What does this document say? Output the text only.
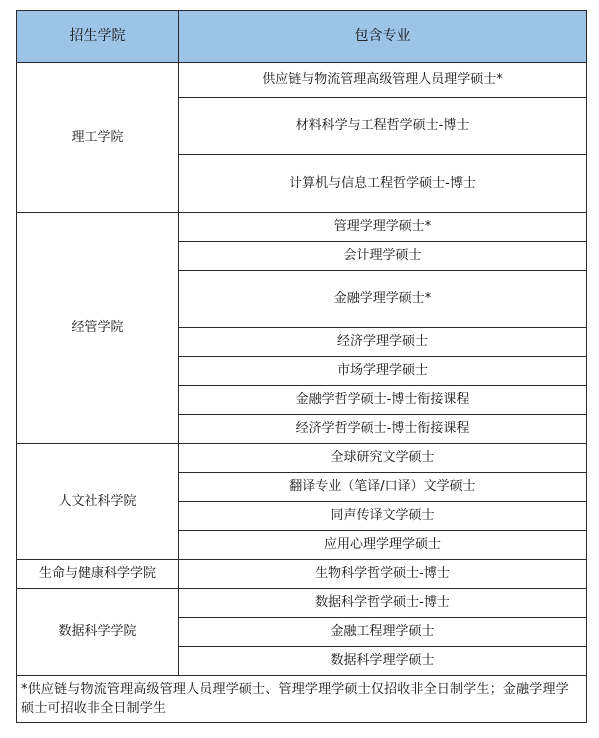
招生学院	包含专业
理工学院	供应链与物流管理高级管理人员理学硕士*
	材料科学与工程哲学硕士-博士
	计算机与信息工程哲学硕士-博士
经管学院	管理学理学硕士*
	会计理学硕士
	金融学理学硕士*
	经济学理学硕士
	市场学理学硕士
	金融学哲学硕士-博士衔接课程
	经济学哲学硕士-博士衔接课程
人文社科学院	全球研究文学硕士
	翻译专业（笔译/口译）文学硕士
	同声传译文学硕士
	应用心理学理学硕士
生命与健康科学学院	生物科学哲学硕士-博士
数据科学学院	数据科学哲学硕士-博士
	金融工程理学硕士
	数据科学理学硕士
*供应链与物流管理高级管理人员理学硕士、管理学理学硕士仅招收非全日制学生；金融学理学硕士可招收非全日制学生	
